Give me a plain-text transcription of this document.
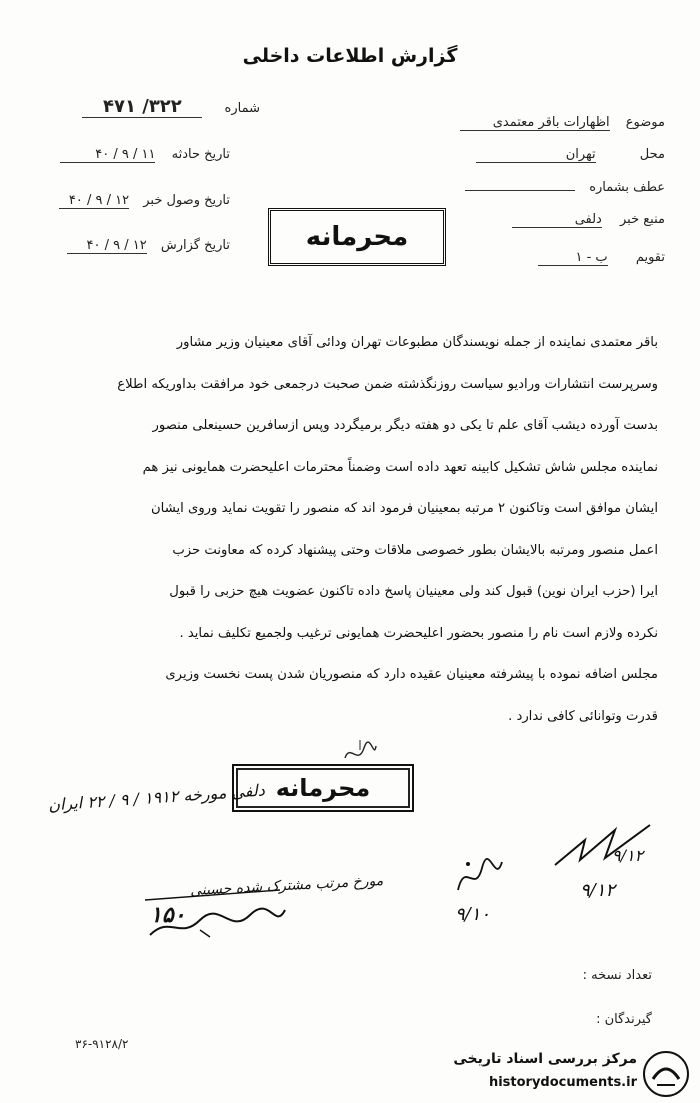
گزارش اطلاعات داخلی
موضوع اظهارات باقر معتمدی
محل تهران
عطف بشماره
منبع خبر دلفی
تقویم ب - ۱
شماره ۳۲۲/ ۴۷۱
تاریخ حادثه ۱۱ / ۹ / ۴۰
تاریخ وصول خبر ۱۲ / ۹ / ۴۰
تاریخ گزارش ۱۲ / ۹ / ۴۰	محرمانه

باقر معتمدی نماینده از جمله نویسندگان مطبوعات تهران ودائی آقای معینیان وزیر مشاور

وسرپرست انتشارات ورادیو سیاست روزنگذشته ضمن صحبت درجمعی خود مرافقت بداوریکه اطلاع

بدست آورده دیشب آقای علم تا یکی دو هفته دیگر برمیگردد وپس ازسافرین حسینعلی منصور

نماینده مجلس شاش تشکیل کابینه تعهد داده است وضمناً محترمات اعلیحضرت همایونی نیز هم

ایشان موافق است وتاکنون ۲ مرتبه بمعینیان فرمود اند که منصور را تقویت نماید وروی ایشان

اعمل منصور ومرتبه بالایشان بطور خصوصی ملاقات وحتی پیشنهاد کرده که معاونت حزب

ایرا (حزب ایران نوین) قبول کند ولی معینیان پاسخ داده تاکنون عضویت هیچ حزبی را قبول

نکرده ولازم است نام را منصور بحضور اعلیحضرت همایونی ترغیب ولجمیع تکلیف نماید .

مجلس اضافه نموده با پیشرفته معینیان عقیده دارد که منصوریان شدن پست نخست وزیری

قدرت وتوانائی کافی ندارد .

محرمانه
دلفی مورخه ۱۹۱۲ / ۹ / ۲۲ ایران
مورخ مرتب مشترک شده حسینی
۱۵۰
۹/۱۲
۹/۱۲
۹/۱۰
تعداد نسخه :
گیرندگان :
۳۶-۹۱۲۸/۲
مرکز بررسی اسناد تاریخی
historydocuments.ir
